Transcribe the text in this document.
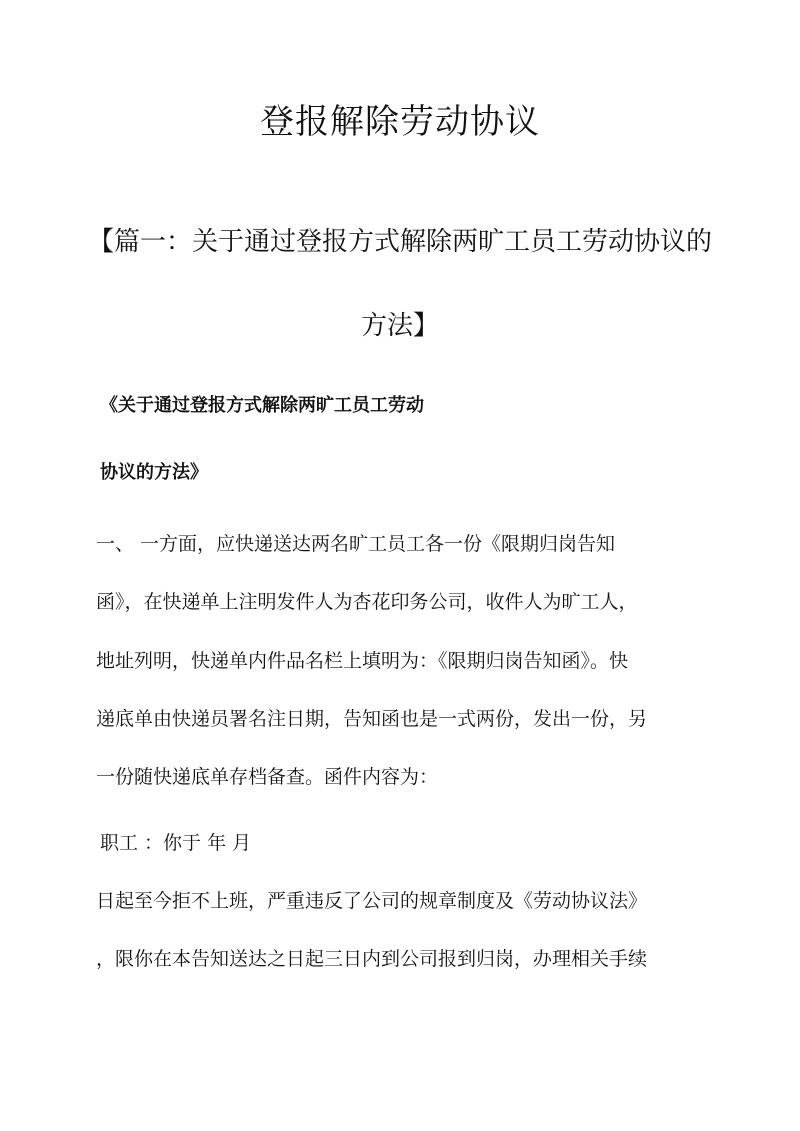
登报解除劳动协议
【篇一：关于通过登报方式解除两旷工员工劳动协议的
方法】
《关于通过登报方式解除两旷工员工劳动
协议的方法》
一、 一方面，应快递送达两名旷工员工各一份《限期归岗告知
函》，在快递单上注明发件人为杏花印务公司，收件人为旷工人，
地址列明，快递单内件品名栏上填明为：《限期归岗告知函》。快
递底单由快递员署名注日期，告知函也是一式两份，发出一份，另
一份随快递底单存档备查。函件内容为：
职工 ：你于 年 月
日起至今拒不上班，严重违反了公司的规章制度及《劳动协议法》
，限你在本告知送达之日起三日内到公司报到归岗，办理相关手续
